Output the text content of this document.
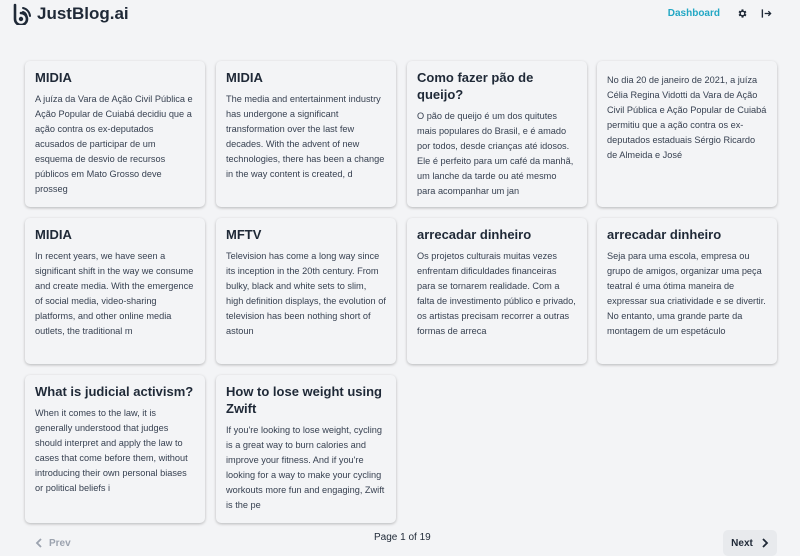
JustBlog.ai	Dashboard
MIDIA
A juíza da Vara de Ação Civil Pública e Ação Popular de Cuiabá decidiu que a ação contra os ex-deputados acusados de participar de um esquema de desvio de recursos públicos em Mato Grosso deve prosseg
MIDIA
The media and entertainment industry has undergone a significant transformation over the last few decades. With the advent of new technologies, there has been a change in the way content is created, d
Como fazer pão de queijo?
O pão de queijo é um dos quitutes mais populares do Brasil, e é amado por todos, desde crianças até idosos. Ele é perfeito para um café da manhã, um lanche da tarde ou até mesmo para acompanhar um jan
No dia 20 de janeiro de 2021, a juíza Célia Regina Vidotti da Vara de Ação Civil Pública e Ação Popular de Cuiabá permitiu que a ação contra os ex-deputados estaduais Sérgio Ricardo de Almeida e José
MIDIA
In recent years, we have seen a significant shift in the way we consume and create media. With the emergence of social media, video-sharing platforms, and other online media outlets, the traditional m
MFTV
Television has come a long way since its inception in the 20th century. From bulky, black and white sets to slim, high definition displays, the evolution of television has been nothing short of astoun
arrecadar dinheiro
Os projetos culturais muitas vezes enfrentam dificuldades financeiras para se tornarem realidade. Com a falta de investimento público e privado, os artistas precisam recorrer a outras formas de arreca
arrecadar dinheiro
Seja para uma escola, empresa ou grupo de amigos, organizar uma peça teatral é uma ótima maneira de expressar sua criatividade e se divertir. No entanto, uma grande parte da montagem de um espetáculo
What is judicial activism?
When it comes to the law, it is generally understood that judges should interpret and apply the law to cases that come before them, without introducing their own personal biases or political beliefs i
How to lose weight using Zwift
If you're looking to lose weight, cycling is a great way to burn calories and improve your fitness. And if you're looking for a way to make your cycling workouts more fun and engaging, Zwift is the pe
Prev	Page 1 of 19	Next
